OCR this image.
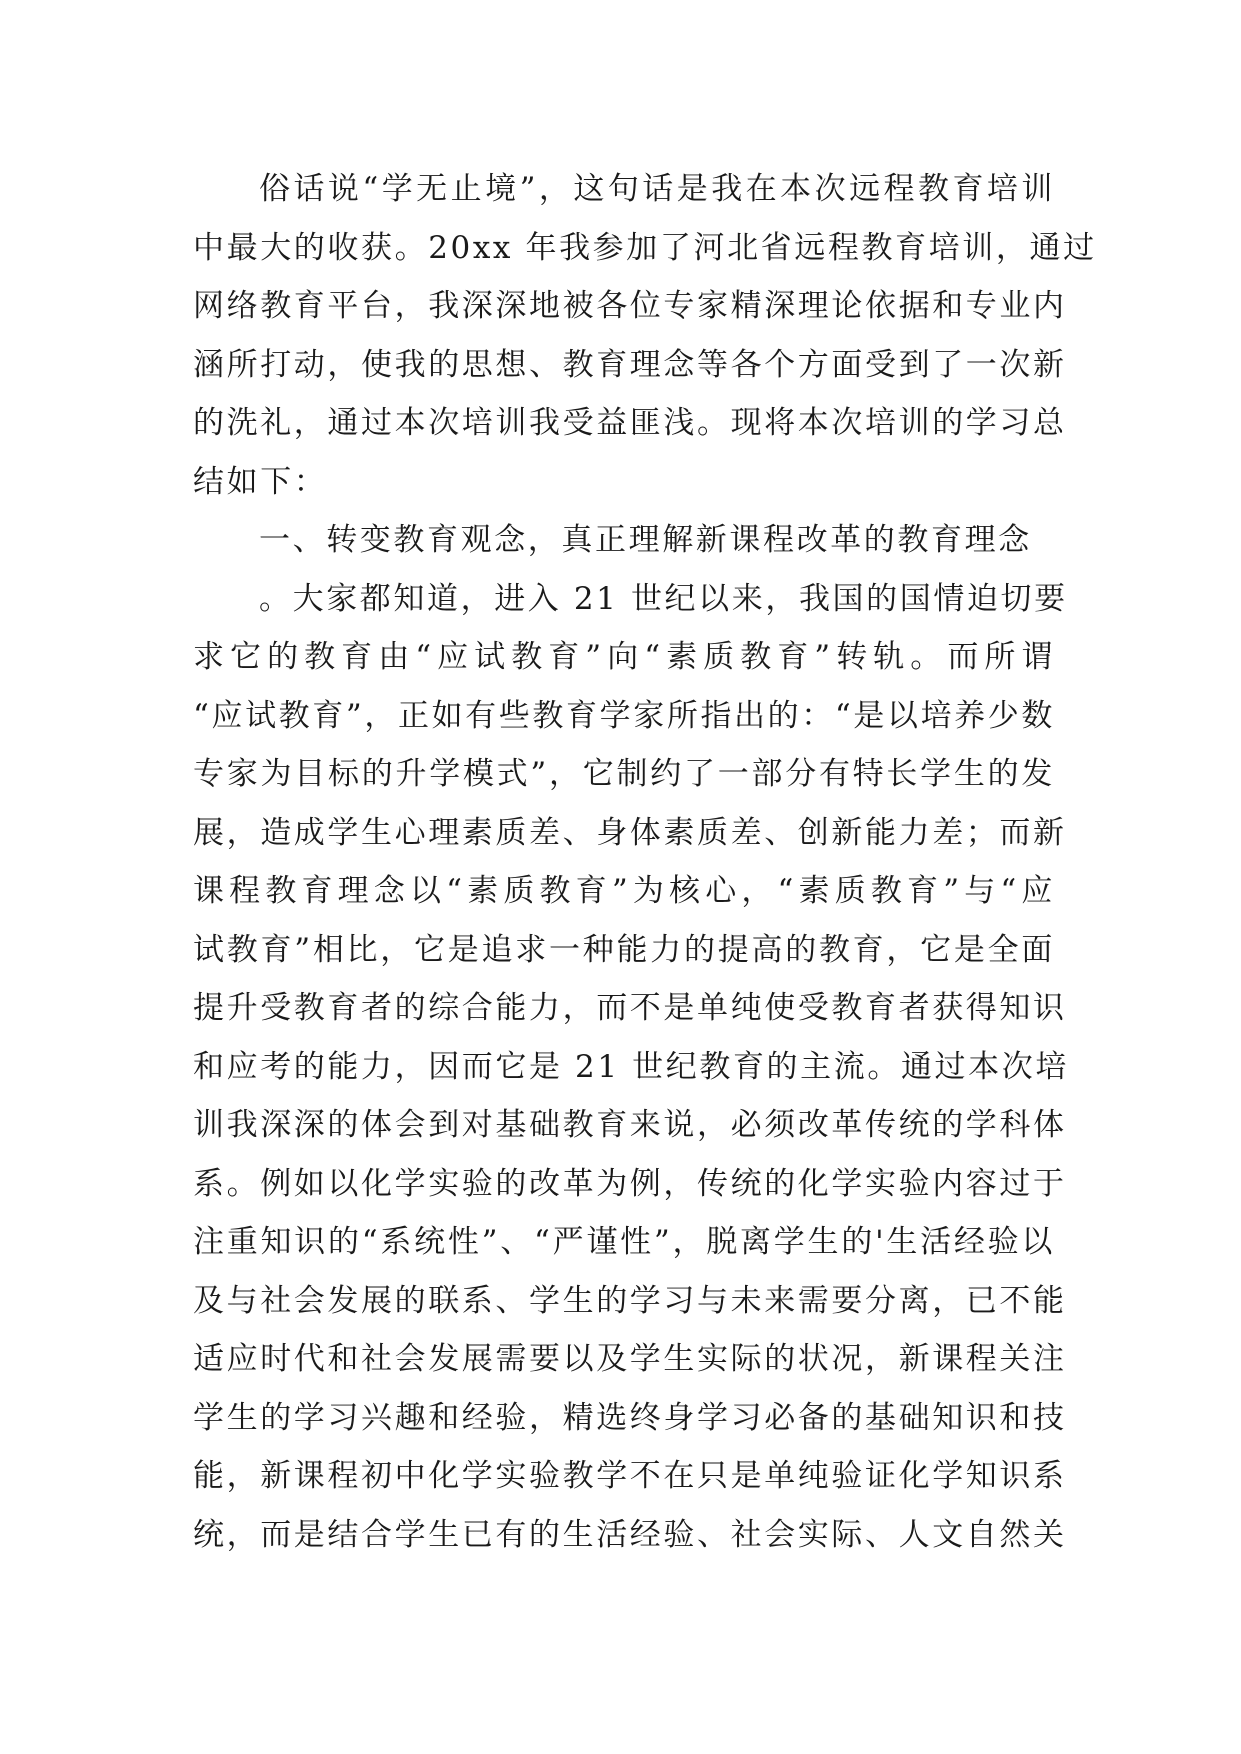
俗话说“学无止境”，这句话是我在本次远程教育培训
中最大的收获。20xx 年我参加了河北省远程教育培训，通过
网络教育平台，我深深地被各位专家精深理论依据和专业内
涵所打动，使我的思想、教育理念等各个方面受到了一次新
的洗礼，通过本次培训我受益匪浅。现将本次培训的学习总
结如下：
一、转变教育观念，真正理解新课程改革的教育理念
。大家都知道，进入 21 世纪以来，我国的国情迫切要
求它的教育由“应试教育”向“素质教育”转轨。而所谓
“应试教育”，正如有些教育学家所指出的：“是以培养少数
专家为目标的升学模式”，它制约了一部分有特长学生的发
展，造成学生心理素质差、身体素质差、创新能力差；而新
课程教育理念以“素质教育”为核心，“素质教育”与“应
试教育”相比，它是追求一种能力的提高的教育，它是全面
提升受教育者的综合能力，而不是单纯使受教育者获得知识
和应考的能力，因而它是 21 世纪教育的主流。通过本次培
训我深深的体会到对基础教育来说，必须改革传统的学科体
系。例如以化学实验的改革为例，传统的化学实验内容过于
注重知识的“系统性”、“严谨性”，脱离学生的'生活经验以
及与社会发展的联系、学生的学习与未来需要分离，已不能
适应时代和社会发展需要以及学生实际的状况，新课程关注
学生的学习兴趣和经验，精选终身学习必备的基础知识和技
能，新课程初中化学实验教学不在只是单纯验证化学知识系
统，而是结合学生已有的生活经验、社会实际、人文自然关
